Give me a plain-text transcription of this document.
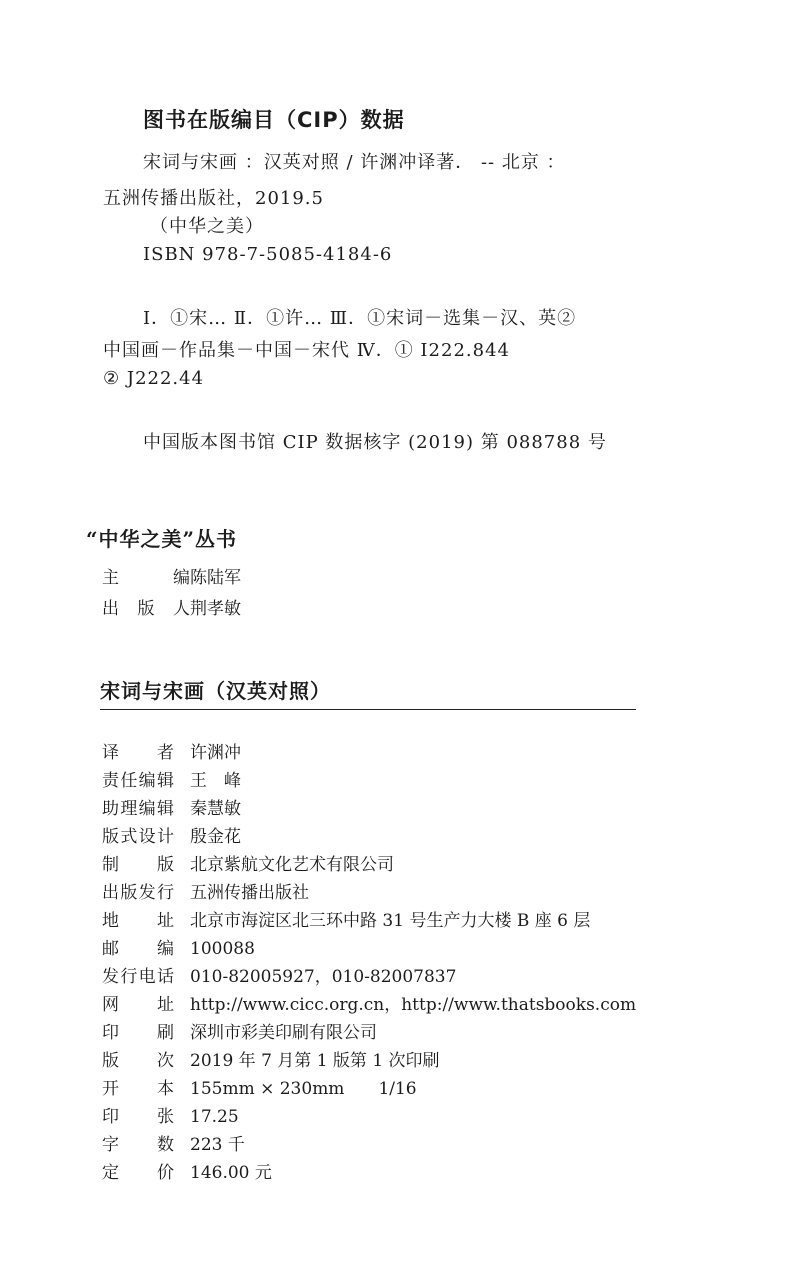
图书在版编目（CIP）数据
宋词与宋画 ：汉英对照 / 许渊冲译著． -- 北京 ：
五洲传播出版社，2019.5
（中华之美）
ISBN 978-7-5085-4184-6
Ⅰ．①宋… Ⅱ．①许… Ⅲ．①宋词－选集－汉、英②
中国画－作品集－中国－宋代 Ⅳ．① I222.844
② J222.44
中国版本图书馆 CIP 数据核字 (2019) 第 088788 号
“中华之美”丛书
主编陈陆军
出版人荆孝敏
宋词与宋画（汉英对照）
译者 许渊冲
责任编辑 王　峰
助理编辑 秦慧敏
版式设计 殷金花
制版 北京紫航文化艺术有限公司
出版发行 五洲传播出版社
地址 北京市海淀区北三环中路 31 号生产力大楼 B 座 6 层
邮编 100088
发行电话 010-82005927，010-82007837
网址 http://www.cicc.org.cn，http://www.thatsbooks.com
印刷 深圳市彩美印刷有限公司
版次 2019 年 7 月第 1 版第 1 次印刷
开本 155mm × 230mm 1/16
印张 17.25
字数 223 千
定价 146.00 元
